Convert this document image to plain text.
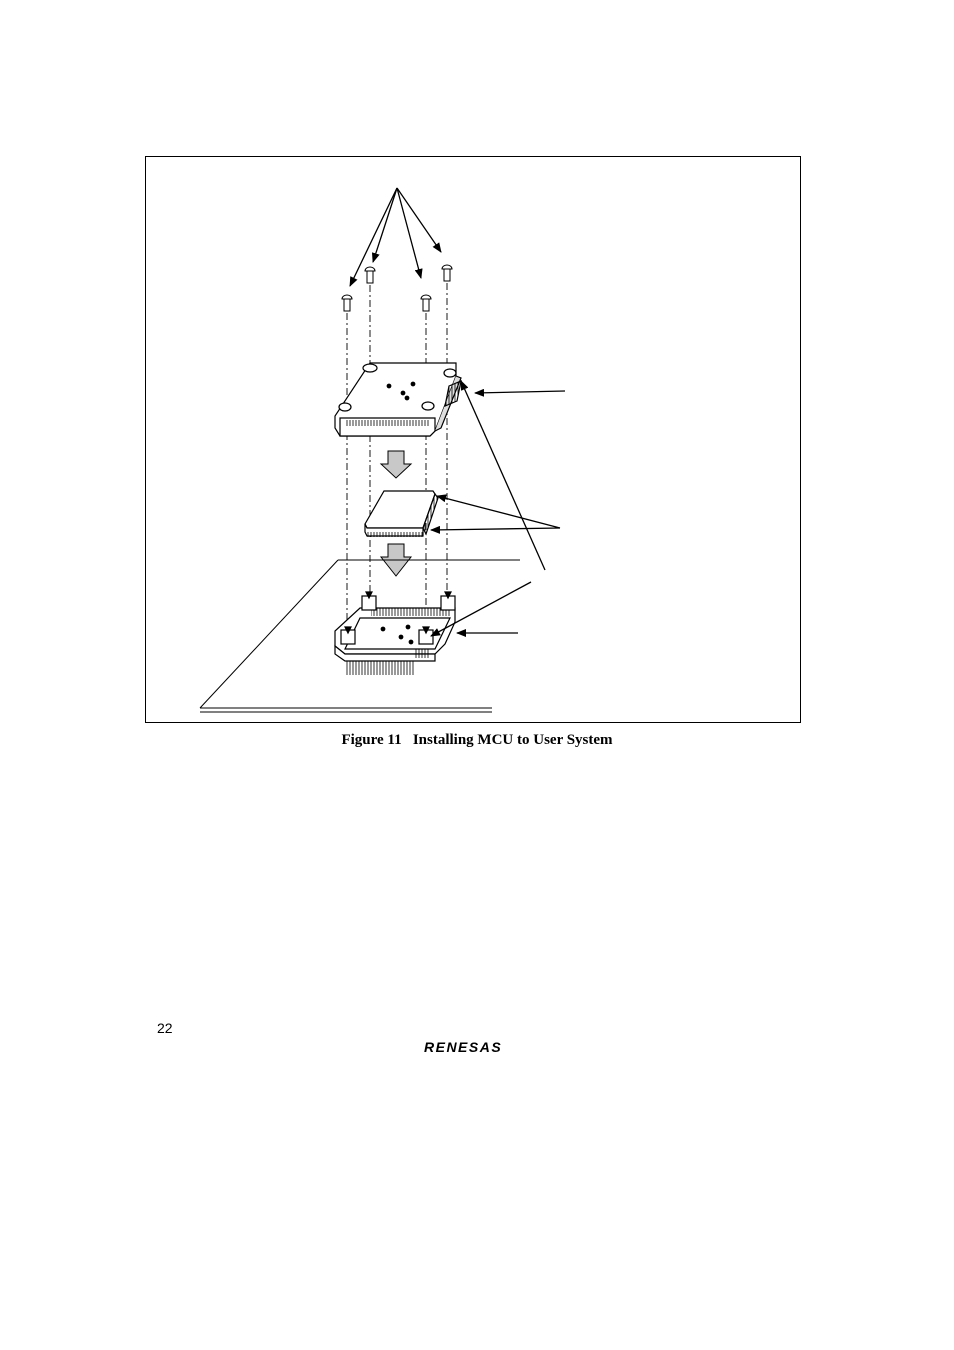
Figure 11   Installing MCU to User System
22
RENESAS
